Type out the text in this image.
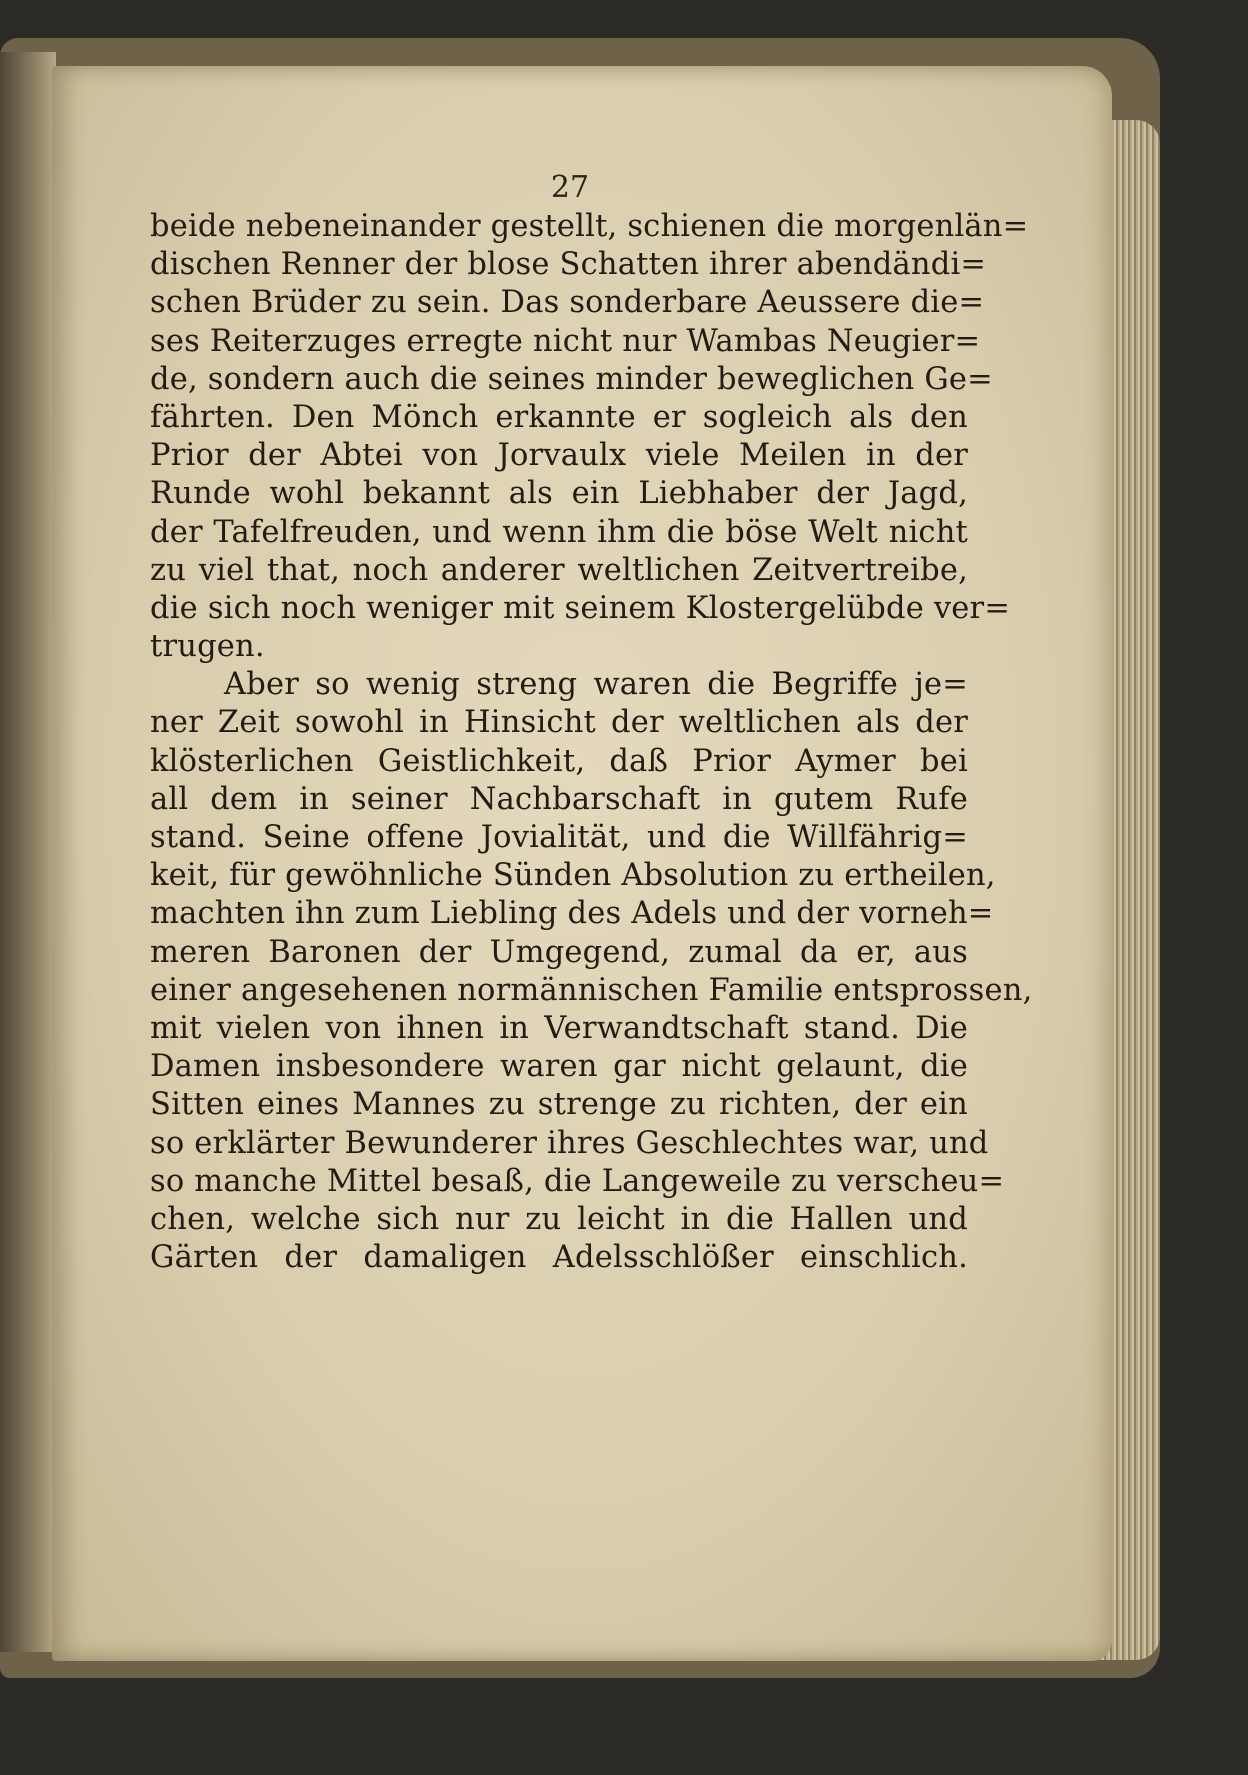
27
beide nebeneinander gestellt, schienen die morgenlän=
dischen Renner der blose Schatten ihrer abendändi=
schen Brüder zu sein. Das sonderbare Aeussere die=
ses Reiterzuges erregte nicht nur Wambas Neugier=
de, sondern auch die seines minder beweglichen Ge=
fährten. Den Mönch erkannte er sogleich als den
Prior der Abtei von Jorvaulx viele Meilen in der
Runde wohl bekannt als ein Liebhaber der Jagd,
der Tafelfreuden, und wenn ihm die böse Welt nicht
zu viel that, noch anderer weltlichen Zeitvertreibe,
die sich noch weniger mit seinem Klostergelübde ver=
trugen.
Aber so wenig streng waren die Begriffe je=
ner Zeit sowohl in Hinsicht der weltlichen als der
klösterlichen Geistlichkeit, daß Prior Aymer bei
all dem in seiner Nachbarschaft in gutem Rufe
stand. Seine offene Jovialität, und die Willfährig=
keit, für gewöhnliche Sünden Absolution zu ertheilen,
machten ihn zum Liebling des Adels und der vorneh=
meren Baronen der Umgegend, zumal da er, aus
einer angesehenen normännischen Familie entsprossen,
mit vielen von ihnen in Verwandtschaft stand. Die
Damen insbesondere waren gar nicht gelaunt, die
Sitten eines Mannes zu strenge zu richten, der ein
so erklärter Bewunderer ihres Geschlechtes war, und
so manche Mittel besaß, die Langeweile zu verscheu=
chen, welche sich nur zu leicht in die Hallen und
Gärten der damaligen Adelsschlößer einschlich.
